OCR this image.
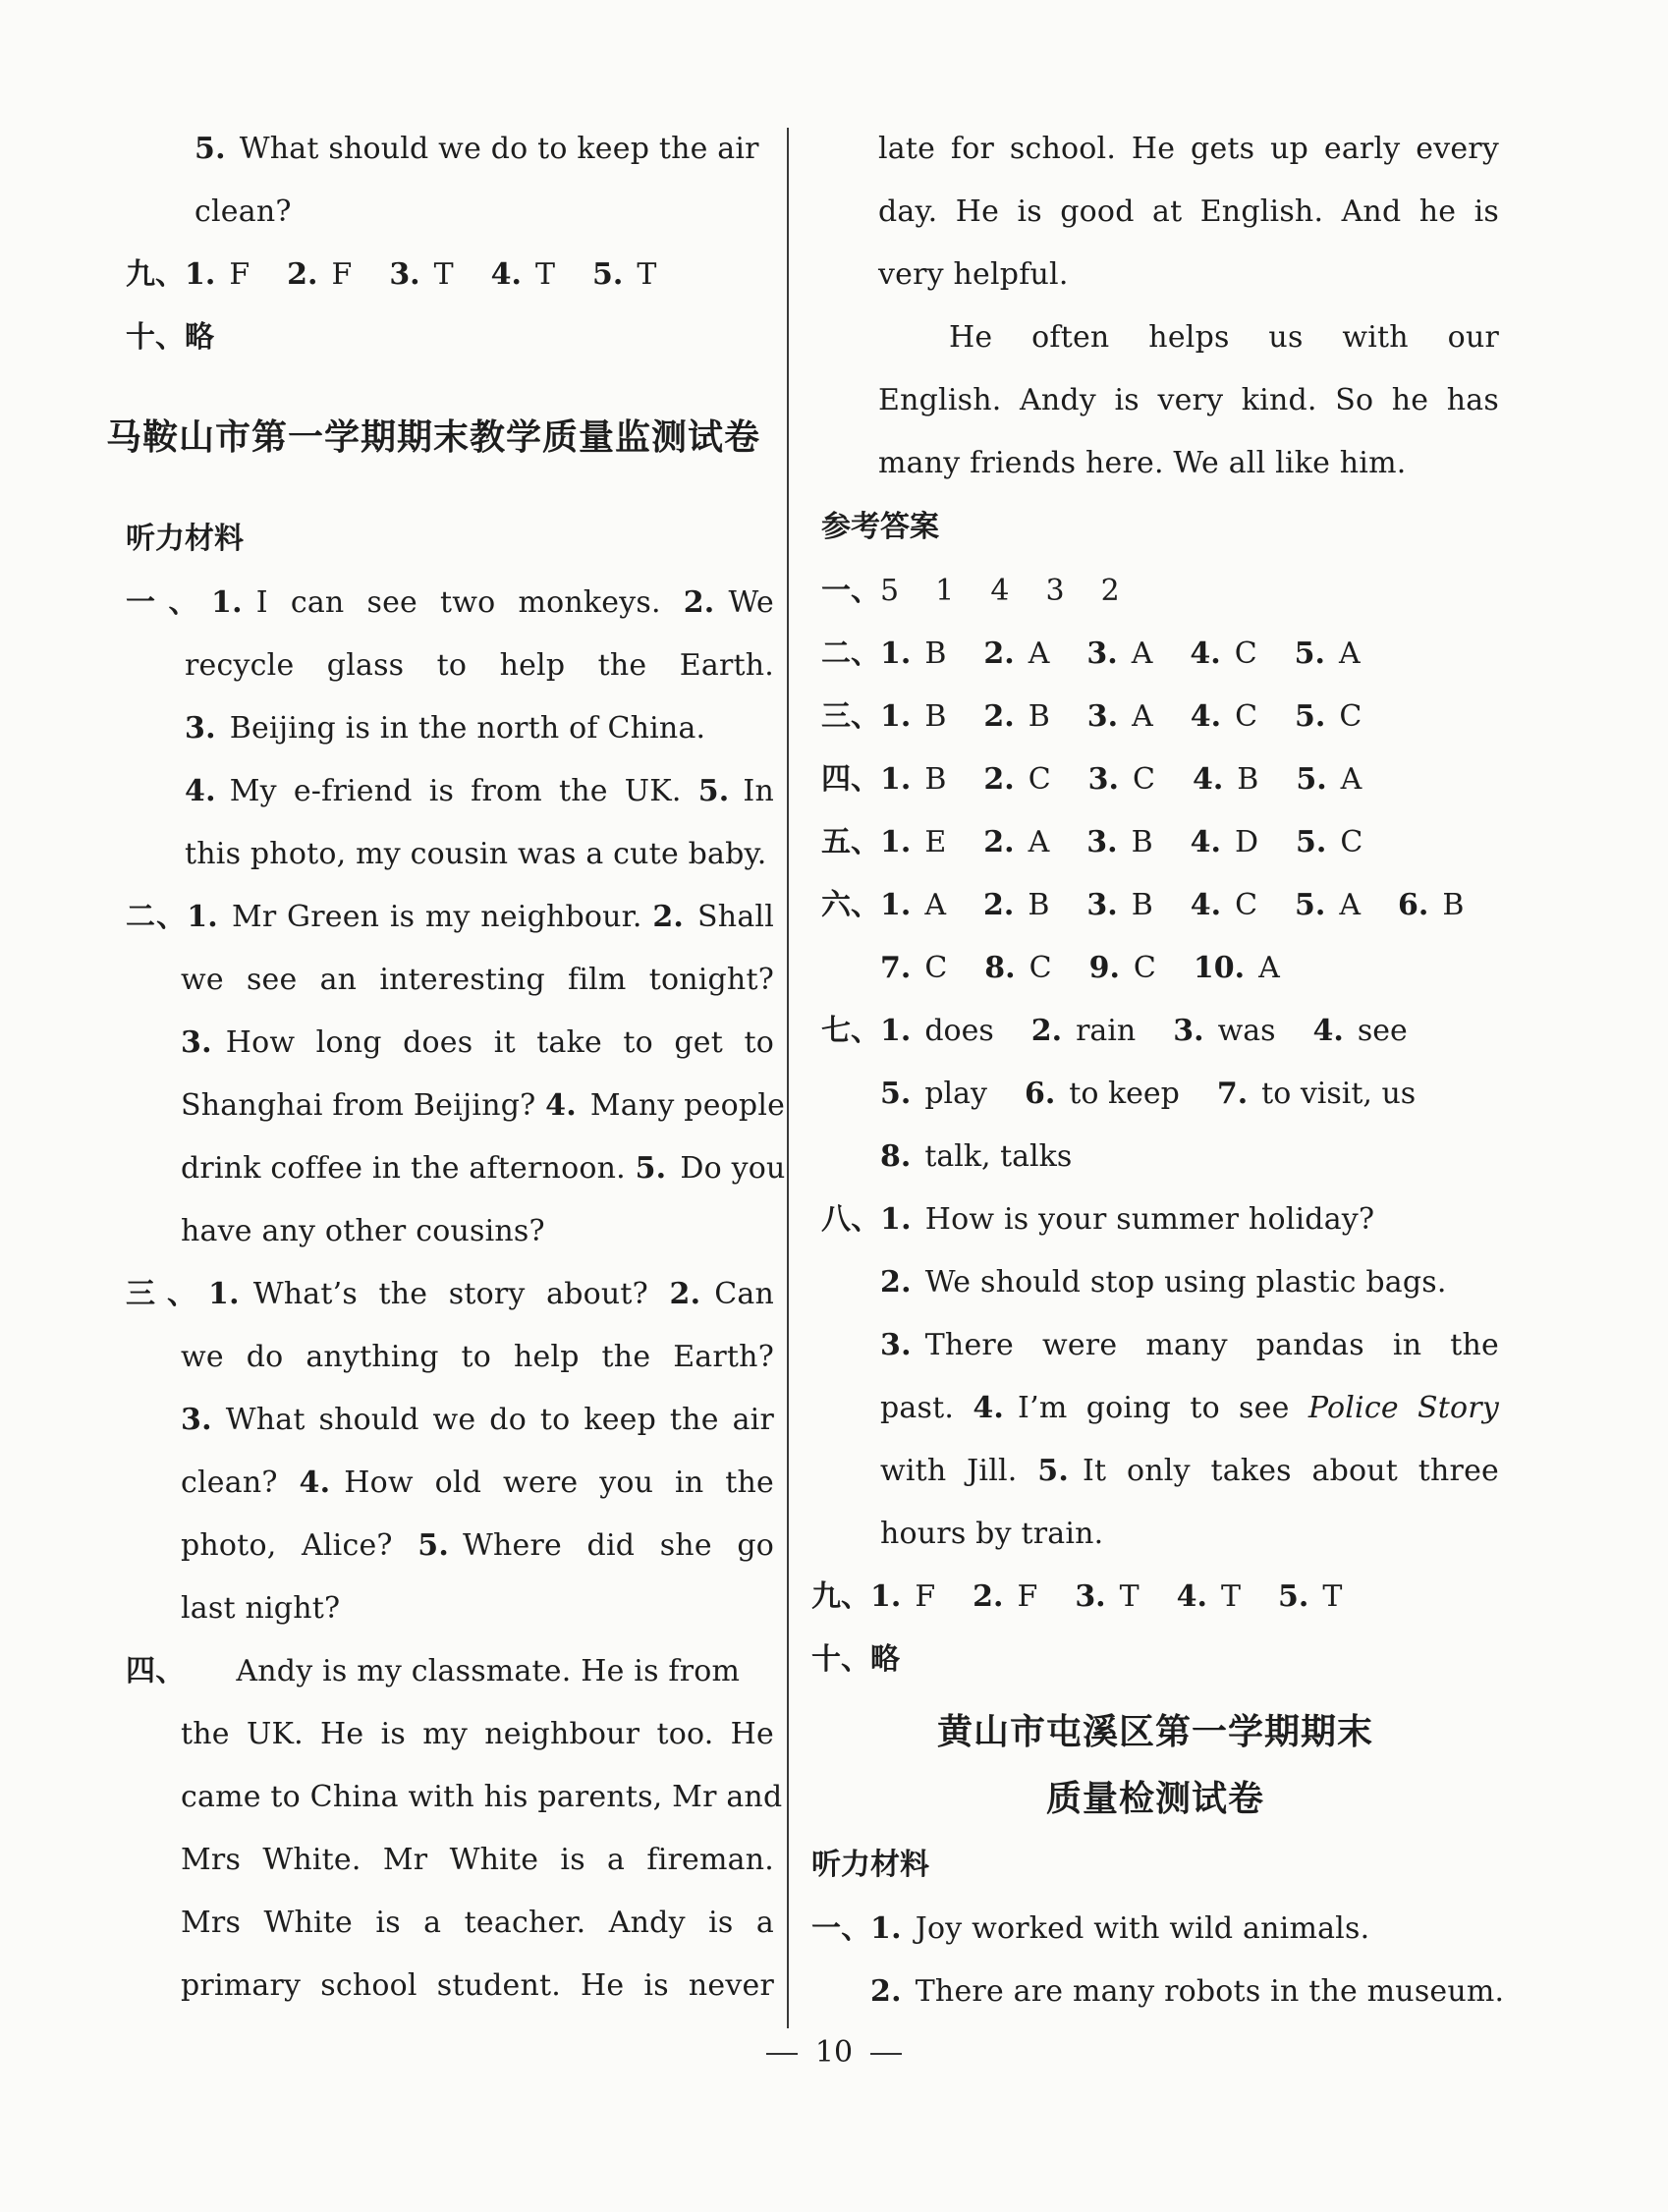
5. What should we do to keep the air
clean?
九、1. F 2. F 3. T 4. T 5. T
十、略
马鞍山市第一学期期末教学质量监测试卷
听力材料
一、1. I can see two monkeys. 2. We
recycle glass to help the Earth.
3. Beijing is in the north of China.
4. My e-friend is from the UK. 5. In
this photo, my cousin was a cute baby.
二、1. Mr Green is my neighbour. 2. Shall
we see an interesting film tonight?
3. How long does it take to get to
Shanghai from Beijing? 4. Many people
drink coffee in the afternoon. 5. Do you
have any other cousins?
三、1. What’s the story about? 2. Can
we do anything to help the Earth?
3. What should we do to keep the air
clean? 4. How old were you in the
photo, Alice? 5. Where did she go
last night?
四、 Andy is my classmate. He is from
the UK. He is my neighbour too. He
came to China with his parents, Mr and
Mrs White. Mr White is a fireman.
Mrs White is a teacher. Andy is a
primary school student. He is never
late for school. He gets up early every
day. He is good at English. And he is
very helpful.
He often helps us with our
English. Andy is very kind. So he has
many friends here. We all like him.
参考答案
一、5  1  4  3  2
二、1. B 2. A 3. A 4. C 5. A
三、1. B 2. B 3. A 4. C 5. C
四、1. B 2. C 3. C 4. B 5. A
五、1. E 2. A 3. B 4. D 5. C
六、1. A 2. B 3. B 4. C 5. A 6. B
7. C 8. C 9. C 10. A
七、1. does 2. rain 3. was 4. see
5. play 6. to keep 7. to visit, us
8. talk, talks
八、1. How is your summer holiday?
2. We should stop using plastic bags.
3. There were many pandas in the
past. 4. I’m going to see Police Story
with Jill. 5. It only takes about three
hours by train.
九、1. F 2. F 3. T 4. T 5. T
十、略
黄山市屯溪区第一学期期末
质量检测试卷
听力材料
一、1. Joy worked with wild animals.
2. There are many robots in the museum.
10
